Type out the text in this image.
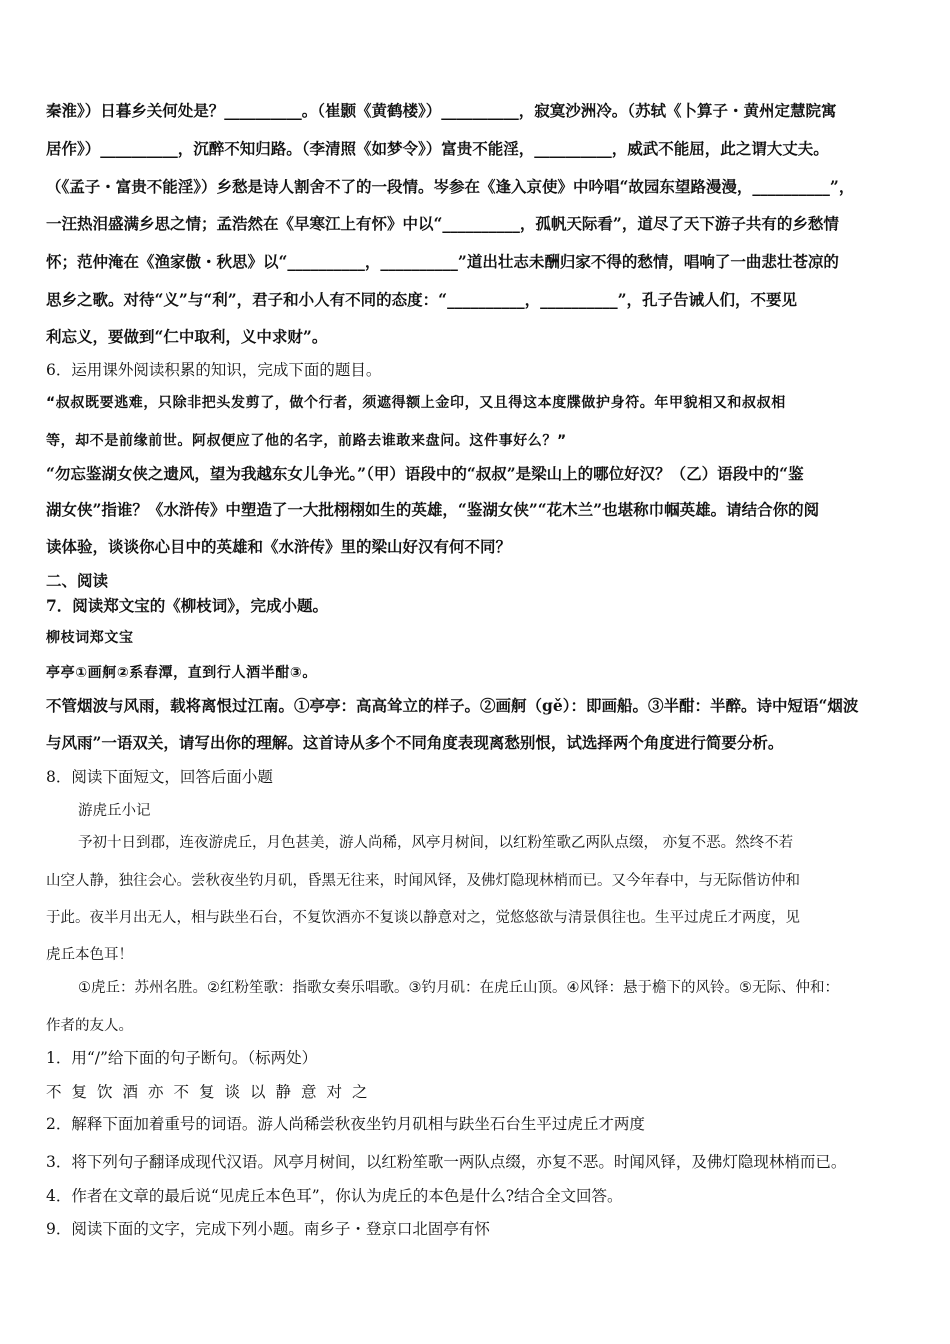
秦淮》）日暮乡关何处是？__________。（崔颢《黄鹤楼》）__________，寂寞沙洲冷。（苏轼《卜算子・黄州定慧院寓
居作》）__________，沉醉不知归路。（李清照《如梦令》）富贵不能淫，__________，威武不能屈，此之谓大丈夫。
（《孟子・富贵不能淫》）乡愁是诗人割舍不了的一段情。岑参在《逢入京使》中吟唱“故园东望路漫漫，__________”，
一汪热泪盛满乡思之情；孟浩然在《早寒江上有怀》中以“__________，孤帆天际看”，道尽了天下游子共有的乡愁情
怀；范仲淹在《渔家傲・秋思》以“__________，__________”道出壮志未酬归家不得的愁情，唱响了一曲悲壮苍凉的
思乡之歌。对待“义”与“利”，君子和小人有不同的态度：“__________，__________”，孔子告诫人们，不要见
利忘义，要做到“仁中取利，义中求财”。
6．运用课外阅读积累的知识，完成下面的题目。
“叔叔既要逃难，只除非把头发剪了，做个行者，须遮得额上金印，又且得这本度牒做护身符。年甲貌相又和叔叔相
等，却不是前缘前世。阿叔便应了他的名字，前路去谁敢来盘问。这件事好么？”
“勿忘鉴湖女侠之遗风，望为我越东女儿争光。”（甲）语段中的“叔叔”是梁山上的哪位好汉？（乙）语段中的“鉴
湖女侠”指谁？《水浒传》中塑造了一大批栩栩如生的英雄，“鉴湖女侠”“花木兰”也堪称巾帼英雄。请结合你的阅
读体验，谈谈你心目中的英雄和《水浒传》里的梁山好汉有何不同？
二、阅读
7．阅读郑文宝的《柳枝词》，完成小题。
柳枝词郑文宝
亭亭①画舸②系春潭，直到行人酒半酣③。
不管烟波与风雨，载将离恨过江南。①亭亭：高高耸立的样子。②画舸（gě）：即画船。③半酣：半醉。诗中短语“烟波
与风雨”一语双关，请写出你的理解。这首诗从多个不同角度表现离愁别恨，试选择两个角度进行简要分析。
8．阅读下面短文，回答后面小题
游虎丘小记
予初十日到郡，连夜游虎丘，月色甚美，游人尚稀，风亭月树间，以红粉笙歌乙两队点缀， 亦复不恶。然终不若
山空人静，独往会心。尝秋夜坐钓月矶，昏黑无往来，时闻风铎，及佛灯隐现林梢而已。又今年春中，与无际偕访仲和
于此。夜半月出无人，相与趺坐石台，不复饮酒亦不复谈以静意对之，觉悠悠欲与清景俱往也。生平过虎丘才两度，见
虎丘本色耳！
①虎丘：苏州名胜。②红粉笙歌：指歌女奏乐唱歌。③钓月矶：在虎丘山顶。④风铎：悬于檐下的风铃。⑤无际、仲和：
作者的友人。
1．用“/”给下面的句子断句。（标两处）
不复饮酒亦不复谈以静意对之
2．解释下面加着重号的词语。游人尚稀尝秋夜坐钓月矶相与趺坐石台生平过虎丘才两度
3．将下列句子翻译成现代汉语。风亭月树间，以红粉笙歌一两队点缀，亦复不恶。时闻风铎，及佛灯隐现林梢而已。
4．作者在文章的最后说“见虎丘本色耳”，你认为虎丘的本色是什么?结合全文回答。
9．阅读下面的文字，完成下列小题。南乡子・登京口北固亭有怀
